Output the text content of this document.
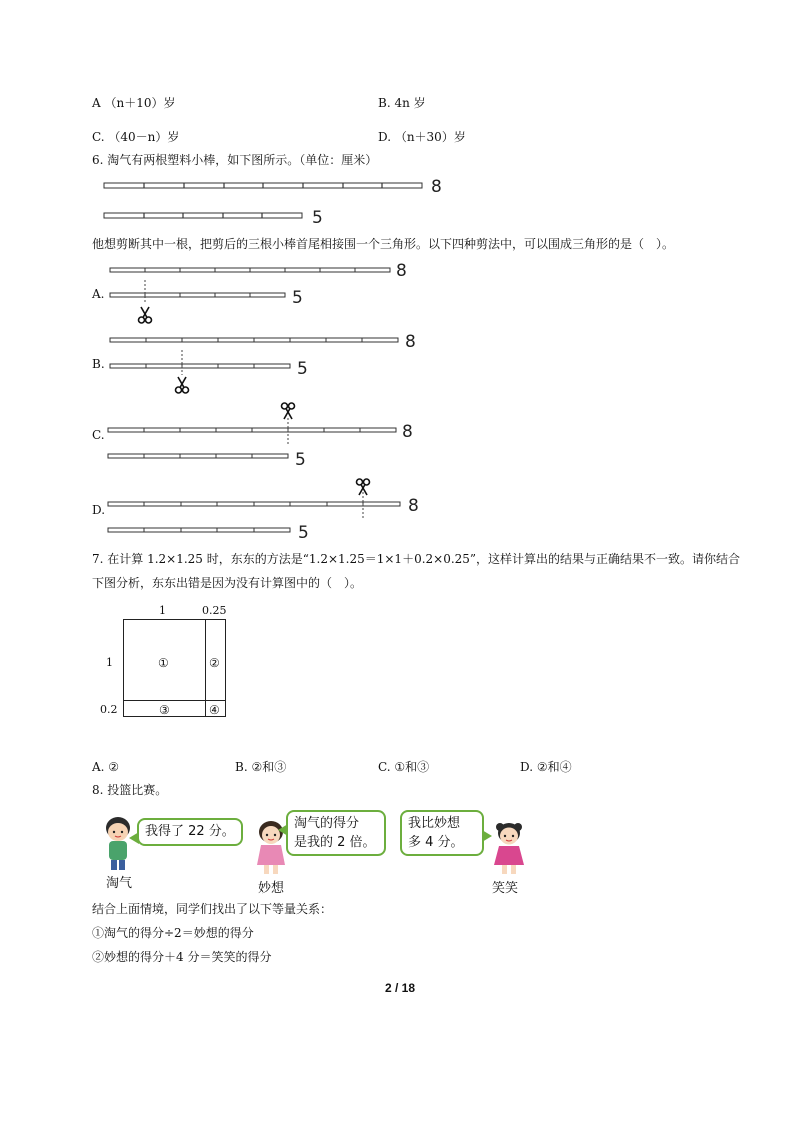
A （n＋10）岁	B. 4n 岁
C. （40－n）岁	D. （n＋30）岁
6. 淘气有两根塑料小棒，如下图所示。（单位：厘米）
8
5
8
5
8
5
8
5
8
5
他想剪断其中一根，把剪后的三根小棒首尾相接围一个三角形。以下四种剪法中，可以围成三角形的是（　）。
A.
B.
C.
D.
7. 在计算 1.2×1.25 时，东东的方法是“1.2×1.25＝1×1＋0.2×0.25”，这样计算出的结果与正确结果不一致。请你结合
下图分析，东东出错是因为没有计算图中的（　）。
1	0.25
1
0.2
①	②
③	④
A. ②	B. ②和③	C. ①和③	D. ②和④
8. 投篮比赛。
我得了 22 分。
淘气的得分
是我的 2 倍。
我比妙想
多 4 分。
淘气	妙想	笑笑
结合上面情境，同学们找出了以下等量关系：
①淘气的得分÷2＝妙想的得分
②妙想的得分＋4 分＝笑笑的得分
2 / 18
